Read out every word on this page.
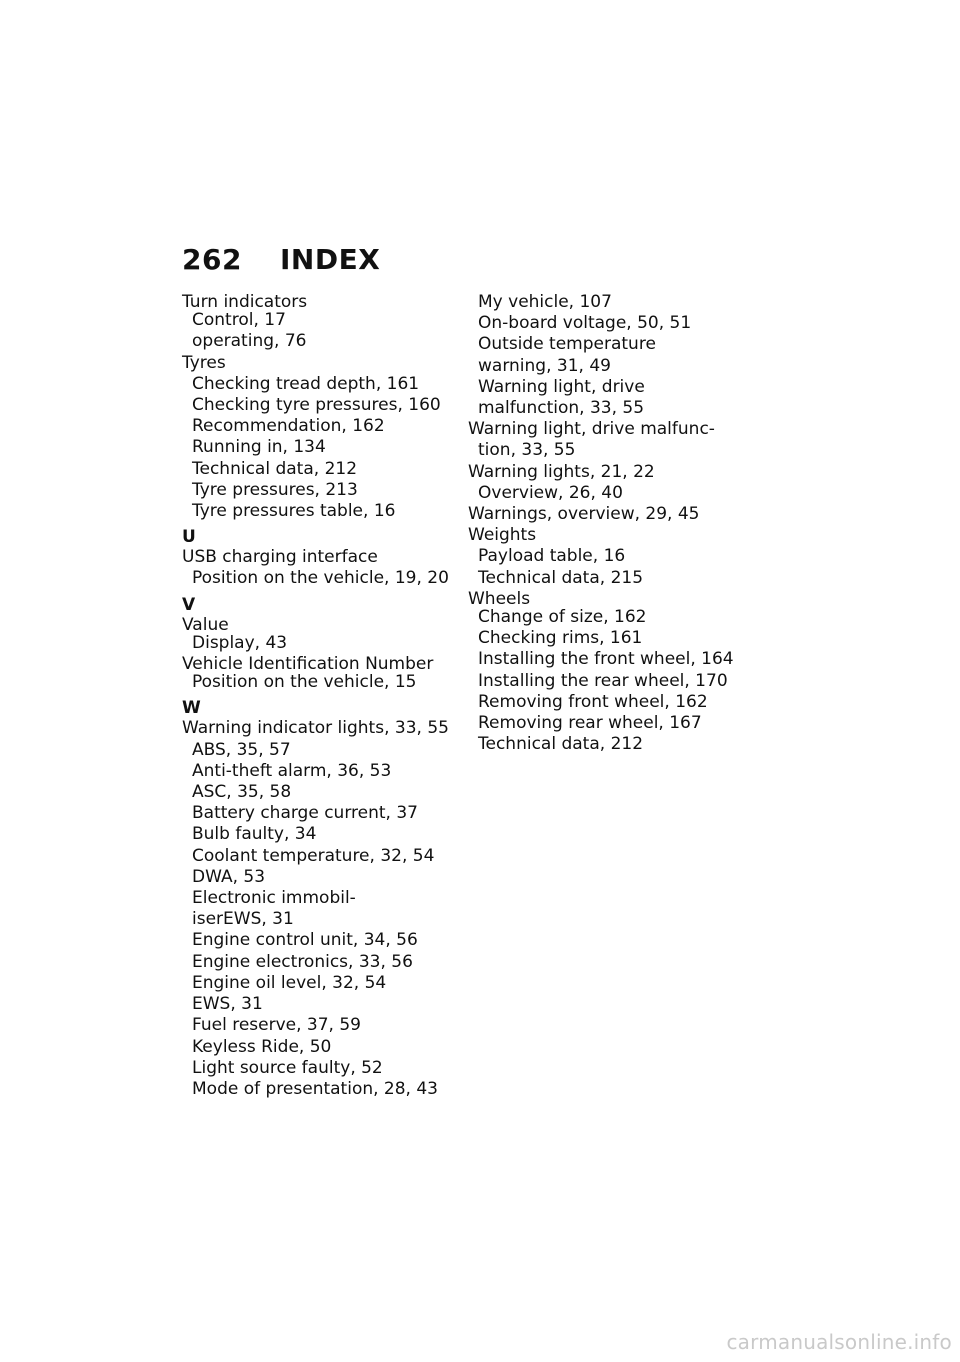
262 INDEX
Turn indicators
Control, 17
operating, 76
Tyres
Checking tread depth, 161
Checking tyre pressures, 160
Recommendation, 162
Running in, 134
Technical data, 212
Tyre pressures, 213
Tyre pressures table, 16
U
USB charging interface
Position on the vehicle, 19, 20
V
Value
Display, 43
Vehicle Identification Number
Position on the vehicle, 15
W
Warning indicator lights, 33, 55
ABS, 35, 57
Anti-theft alarm, 36, 53
ASC, 35, 58
Battery charge current, 37
Bulb faulty, 34
Coolant temperature, 32, 54
DWA, 53
Electronic immobil-
iserEWS, 31
Engine control unit, 34, 56
Engine electronics, 33, 56
Engine oil level, 32, 54
EWS, 31
Fuel reserve, 37, 59
Keyless Ride, 50
Light source faulty, 52
Mode of presentation, 28, 43
My vehicle, 107
On-board voltage, 50, 51
Outside temperature
warning, 31, 49
Warning light, drive
malfunction, 33, 55
Warning light, drive malfunc-
tion, 33, 55
Warning lights, 21, 22
Overview, 26, 40
Warnings, overview, 29, 45
Weights
Payload table, 16
Technical data, 215
Wheels
Change of size, 162
Checking rims, 161
Installing the front wheel, 164
Installing the rear wheel, 170
Removing front wheel, 162
Removing rear wheel, 167
Technical data, 212
carmanualsonline.info
